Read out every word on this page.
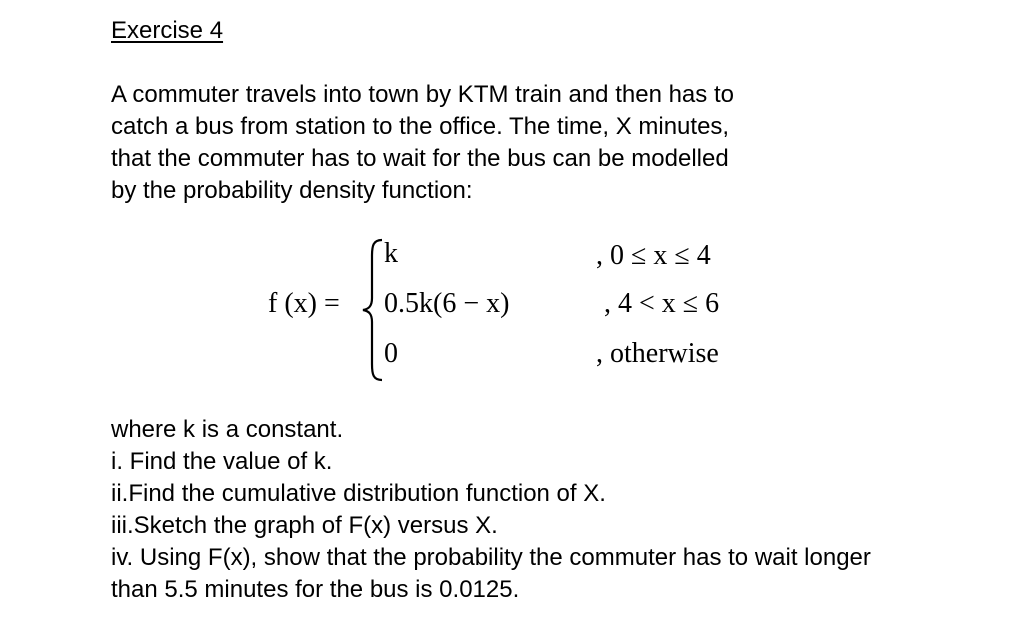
Exercise 4
A commuter travels into town by KTM train and then has to
catch a bus from station to the office. The time, X minutes,
that the commuter has to wait for the bus can be modelled
by the probability density function:
f (x) =
k	, 0 ≤ x ≤ 4
0.5k(6 − x)	, 4 < x ≤ 6
0	, otherwise
where k is a constant.
i. Find the value of k.
ii.Find the cumulative distribution function of X.
iii.Sketch the graph of F(x) versus X.
iv. Using F(x), show that the probability the commuter has to wait longer
than 5.5 minutes for the bus is 0.0125.
